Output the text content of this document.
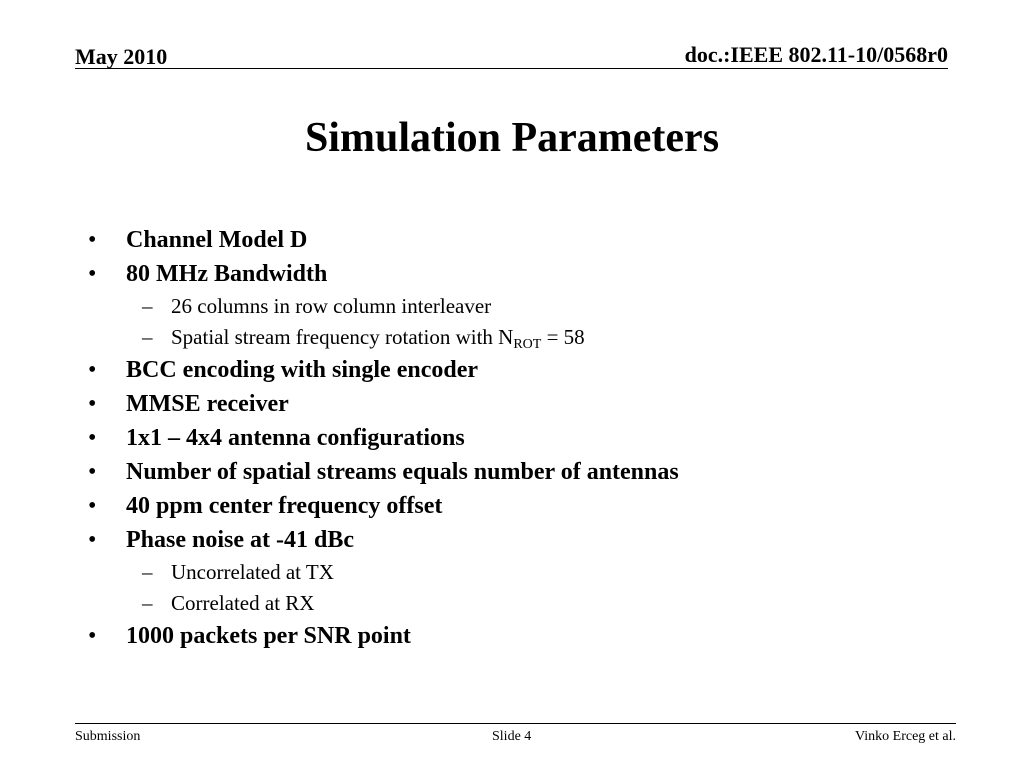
May 2010	doc.:IEEE 802.11-10/0568r0
Simulation Parameters
• Channel Model D
• 80 MHz Bandwidth
– 26 columns in row column interleaver
– Spatial stream frequency rotation with $N_{ROT} = 58$
• BCC encoding with single encoder
• MMSE receiver
• 1x1 – 4x4 antenna configurations
• Number of spatial streams equals number of antennas
• 40 ppm center frequency offset
• Phase noise at -41 dBc
– Uncorrelated at TX
– Correlated at RX
• 1000 packets per SNR point
Submission	Slide 4	Vinko Erceg et al.
